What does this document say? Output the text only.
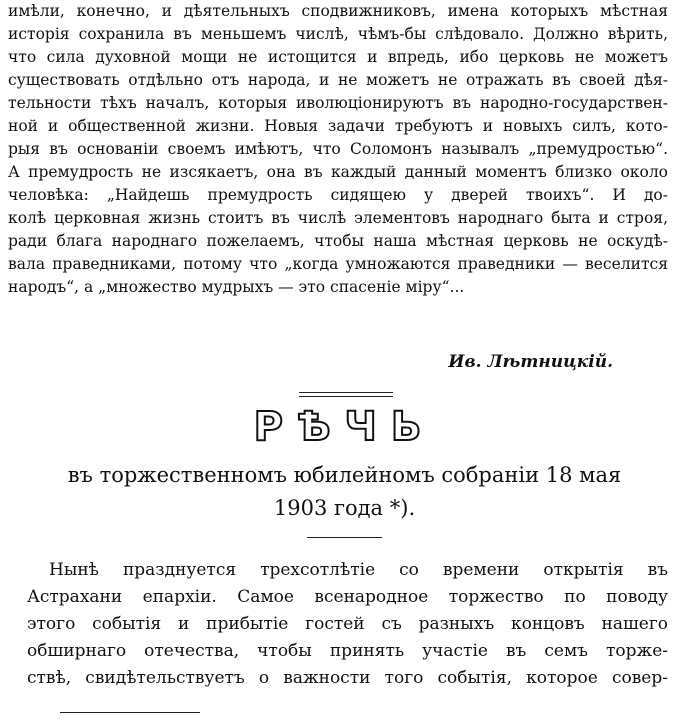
имѣли, конечно, и дѣятельныхъ сподвижниковъ, имена которыхъ мѣстная
исторія сохранила въ меньшемъ числѣ, чѣмъ-бы слѣдовало. Должно вѣрить,
что сила духовной мощи не истощится и впредь, ибо церковь не можетъ
существовать отдѣльно отъ народа, и не можетъ не отражать въ своей дѣя-
тельности тѣхъ началъ, которыя иволюціонируютъ въ народно-государствен-
ной и общественной жизни. Новыя задачи требуютъ и новыхъ силъ, кото-
рыя въ основаніи своемъ имѣютъ, что Соломонъ называлъ „премудростью“.
А премудрость не изсякаетъ, она въ каждый данный моментъ близко около
человѣка: „Найдешь премудрость сидящею у дверей твоихъ“. И до-
колѣ церковная жизнь стоитъ въ числѣ элементовъ народнаго быта и строя,
ради блага народнаго пожелаемъ, чтобы наша мѣстная церковь не оскудѣ-
вала праведниками, потому что „когда умножаются праведники — веселится
народъ“, а „множество мудрыхъ — это спасеніе міру“...
Ив. Лѣтницкій.
РѢЧЬ
въ торжественномъ юбилейномъ собраніи 18 мая
1903 года *).
Нынѣ празднуется трехсотлѣтіе со времени открытія въ
Астрахани епархіи. Самое всенародное торжество по поводу
этого событія и прибытіе гостей съ разныхъ концовъ нашего
обширнаго отечества, чтобы принять участіе въ семъ торже-
ствѣ, свидѣтельствуетъ о важности того событія, которое совер-
